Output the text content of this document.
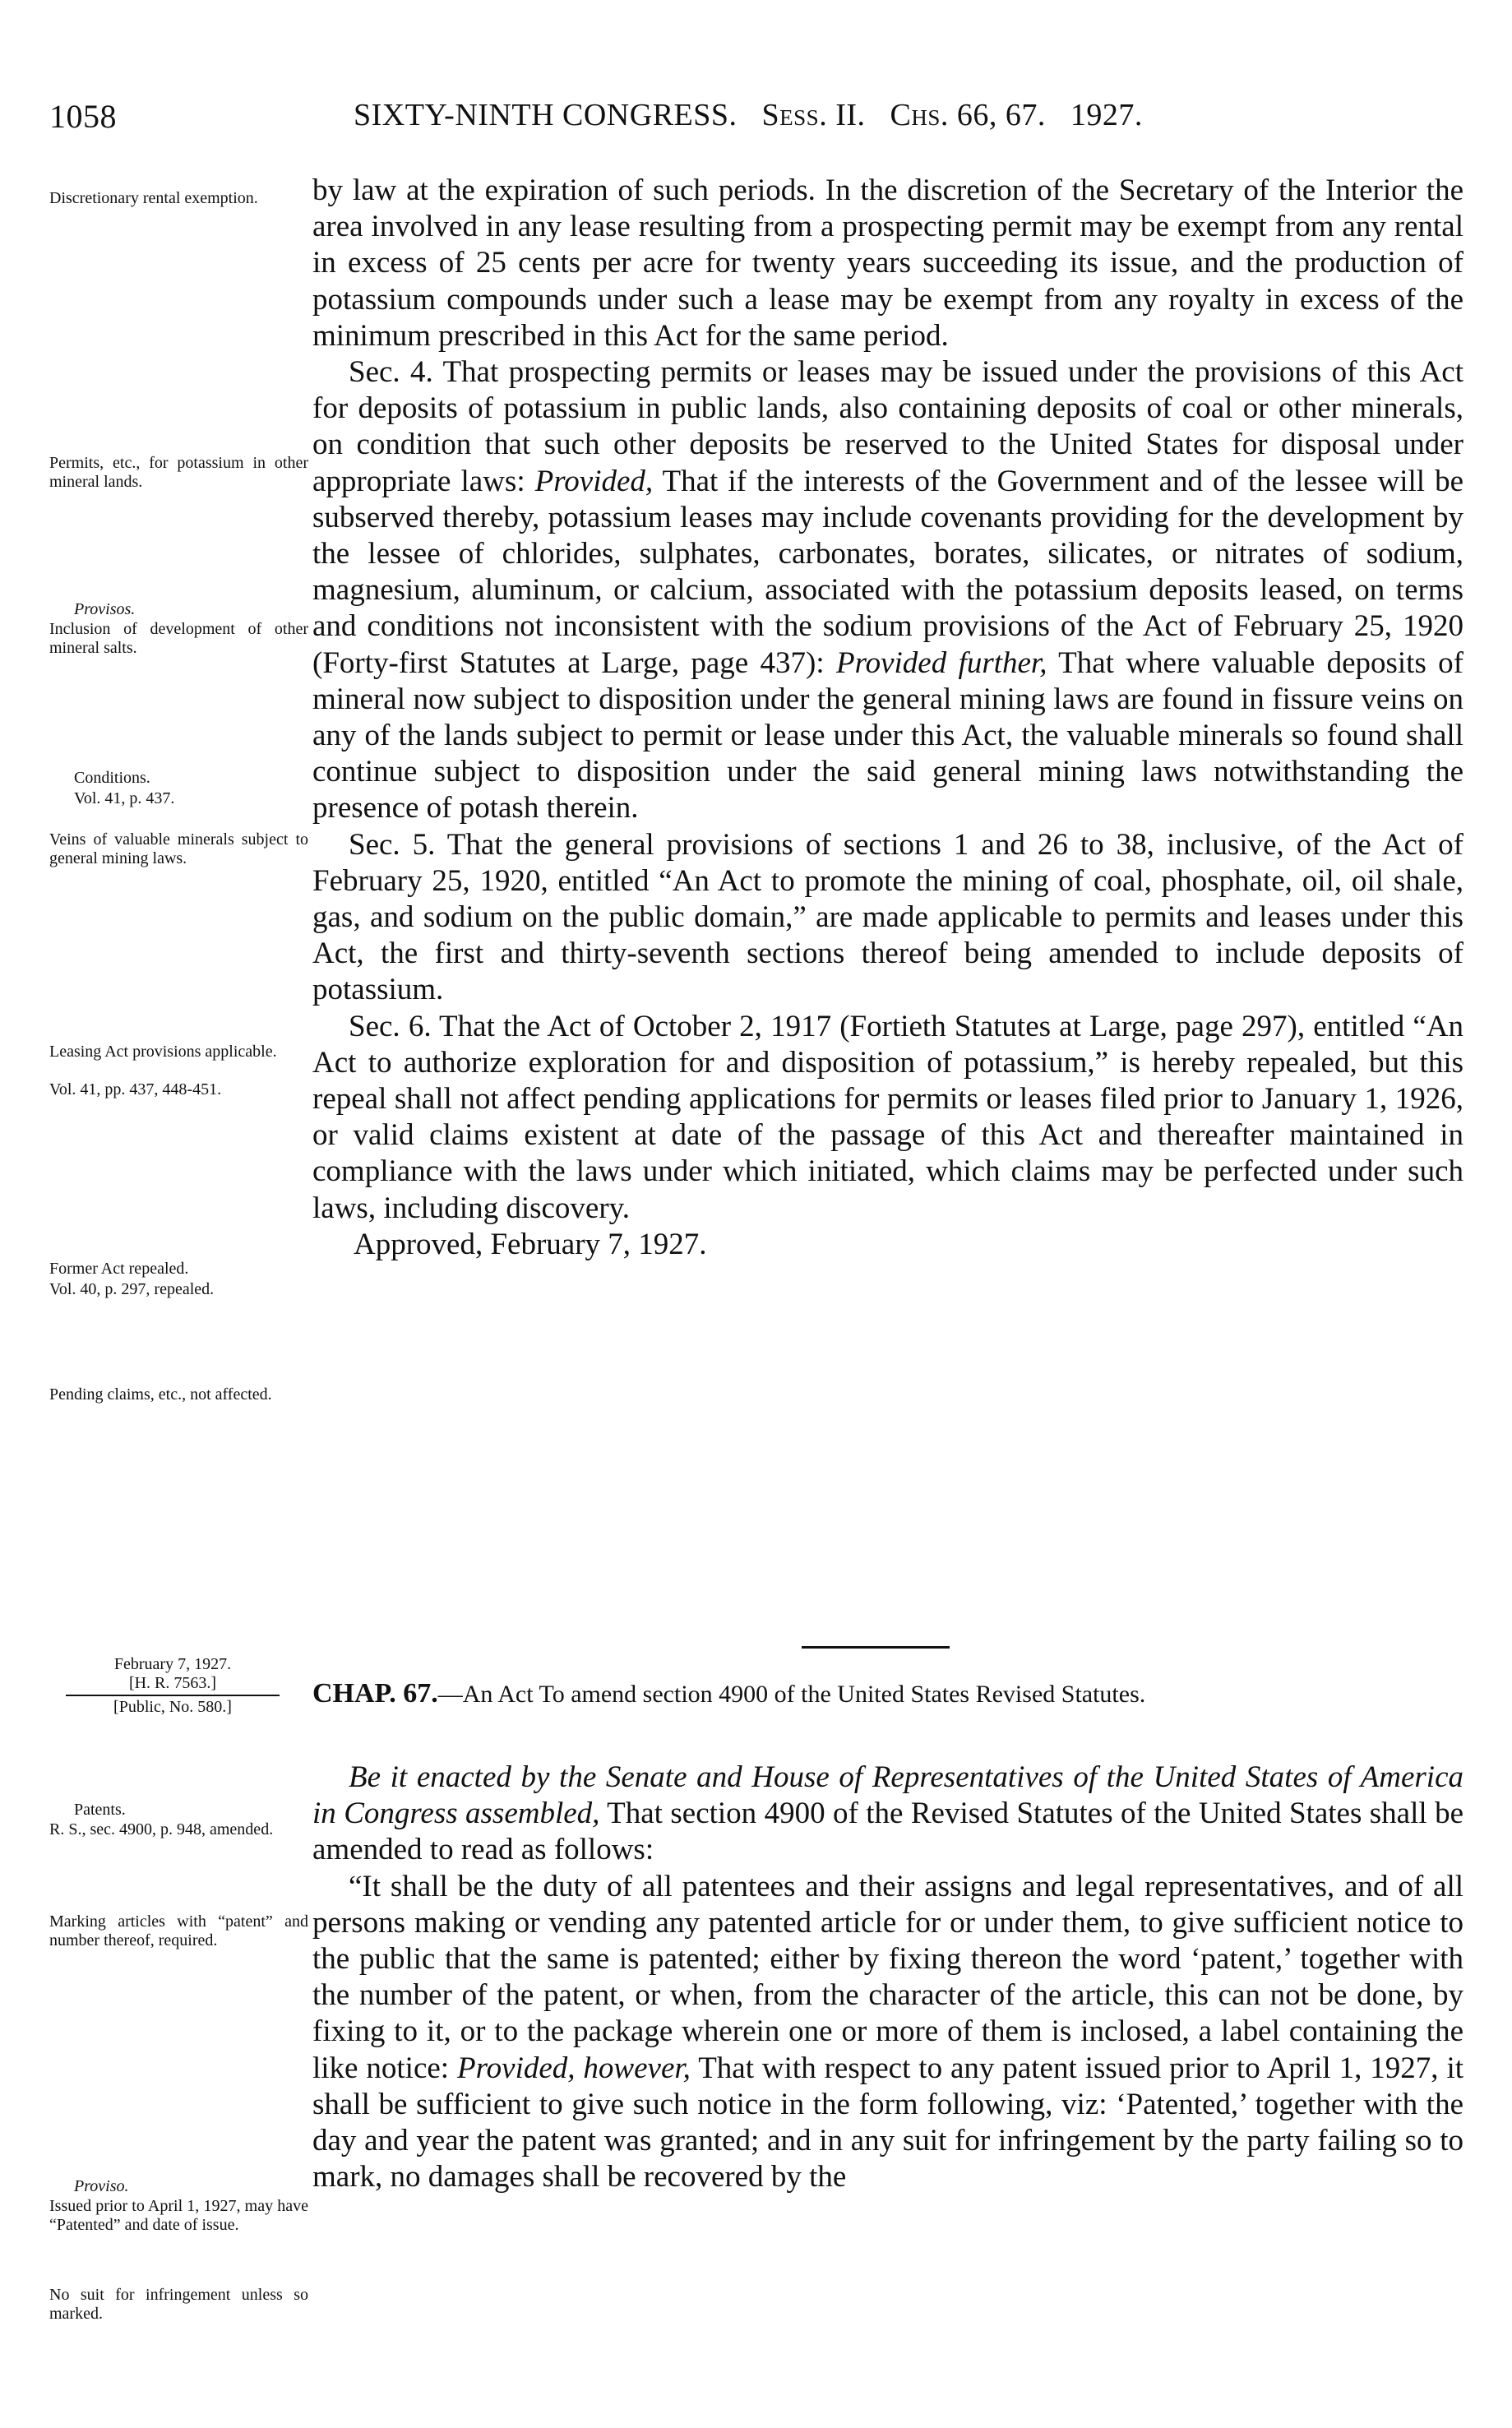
1058	SIXTY-NINTH CONGRESS. Sess. II. Chs. 66, 67. 1927.
Discretionary rental exemption.
Permits, etc., for potassium in other mineral lands.
Provisos.
Inclusion of development of other mineral salts.
Conditions.
Vol. 41, p. 437.
Veins of valuable minerals subject to general mining laws.
Leasing Act provisions applicable.
Vol. 41, pp. 437, 448-451.
Former Act repealed.
Vol. 40, p. 297, repealed.
Pending claims, etc., not affected.
Patents.
R. S., sec. 4900, p. 948, amended.
Marking articles with “patent” and number thereof, required.
Proviso.
Issued prior to April 1, 1927, may have “Patented” and date of issue.
No suit for infringement unless so marked.

by law at the expiration of such periods. In the discretion of the Secretary of the Interior the area involved in any lease resulting from a prospecting permit may be exempt from any rental in excess of 25 cents per acre for twenty years succeeding its issue, and the production of potassium compounds under such a lease may be exempt from any royalty in excess of the minimum prescribed in this Act for the same period.

Sec. 4. That prospecting permits or leases may be issued under the provisions of this Act for deposits of potassium in public lands, also containing deposits of coal or other minerals, on condition that such other deposits be reserved to the United States for disposal under appropriate laws: Provided, That if the interests of the Government and of the lessee will be subserved thereby, potassium leases may include covenants providing for the development by the lessee of chlorides, sulphates, carbonates, borates, silicates, or nitrates of sodium, magnesium, aluminum, or calcium, associated with the potassium deposits leased, on terms and conditions not inconsistent with the sodium provisions of the Act of February 25, 1920 (Forty-first Statutes at Large, page 437): Provided further, That where valuable deposits of mineral now subject to disposition under the general mining laws are found in fissure veins on any of the lands subject to permit or lease under this Act, the valuable minerals so found shall continue subject to disposition under the said general mining laws notwithstanding the presence of potash therein.

Sec. 5. That the general provisions of sections 1 and 26 to 38, inclusive, of the Act of February 25, 1920, entitled “An Act to promote the mining of coal, phosphate, oil, oil shale, gas, and sodium on the public domain,” are made applicable to permits and leases under this Act, the first and thirty-seventh sections thereof being amended to include deposits of potassium.

Sec. 6. That the Act of October 2, 1917 (Fortieth Statutes at Large, page 297), entitled “An Act to authorize exploration for and disposition of potassium,” is hereby repealed, but this repeal shall not affect pending applications for permits or leases filed prior to January 1, 1926, or valid claims existent at date of the passage of this Act and thereafter maintained in compliance with the laws under which initiated, which claims may be perfected under such laws, including discovery.

Approved, February 7, 1927.
February 7, 1927.
[H. R. 7563.]
[Public, No. 580.]	CHAP. 67.—An Act To amend section 4900 of the United States Revised Statutes.

Be it enacted by the Senate and House of Representatives of the United States of America in Congress assembled, That section 4900 of the Revised Statutes of the United States shall be amended to read as follows:

“It shall be the duty of all patentees and their assigns and legal representatives, and of all persons making or vending any patented article for or under them, to give sufficient notice to the public that the same is patented; either by fixing thereon the word ‘patent,’ together with the number of the patent, or when, from the character of the article, this can not be done, by fixing to it, or to the package wherein one or more of them is inclosed, a label containing the like notice: Provided, however, That with respect to any patent issued prior to April 1, 1927, it shall be sufficient to give such notice in the form following, viz: ‘Patented,’ together with the day and year the patent was granted; and in any suit for infringement by the party failing so to mark, no damages shall be recovered by the
